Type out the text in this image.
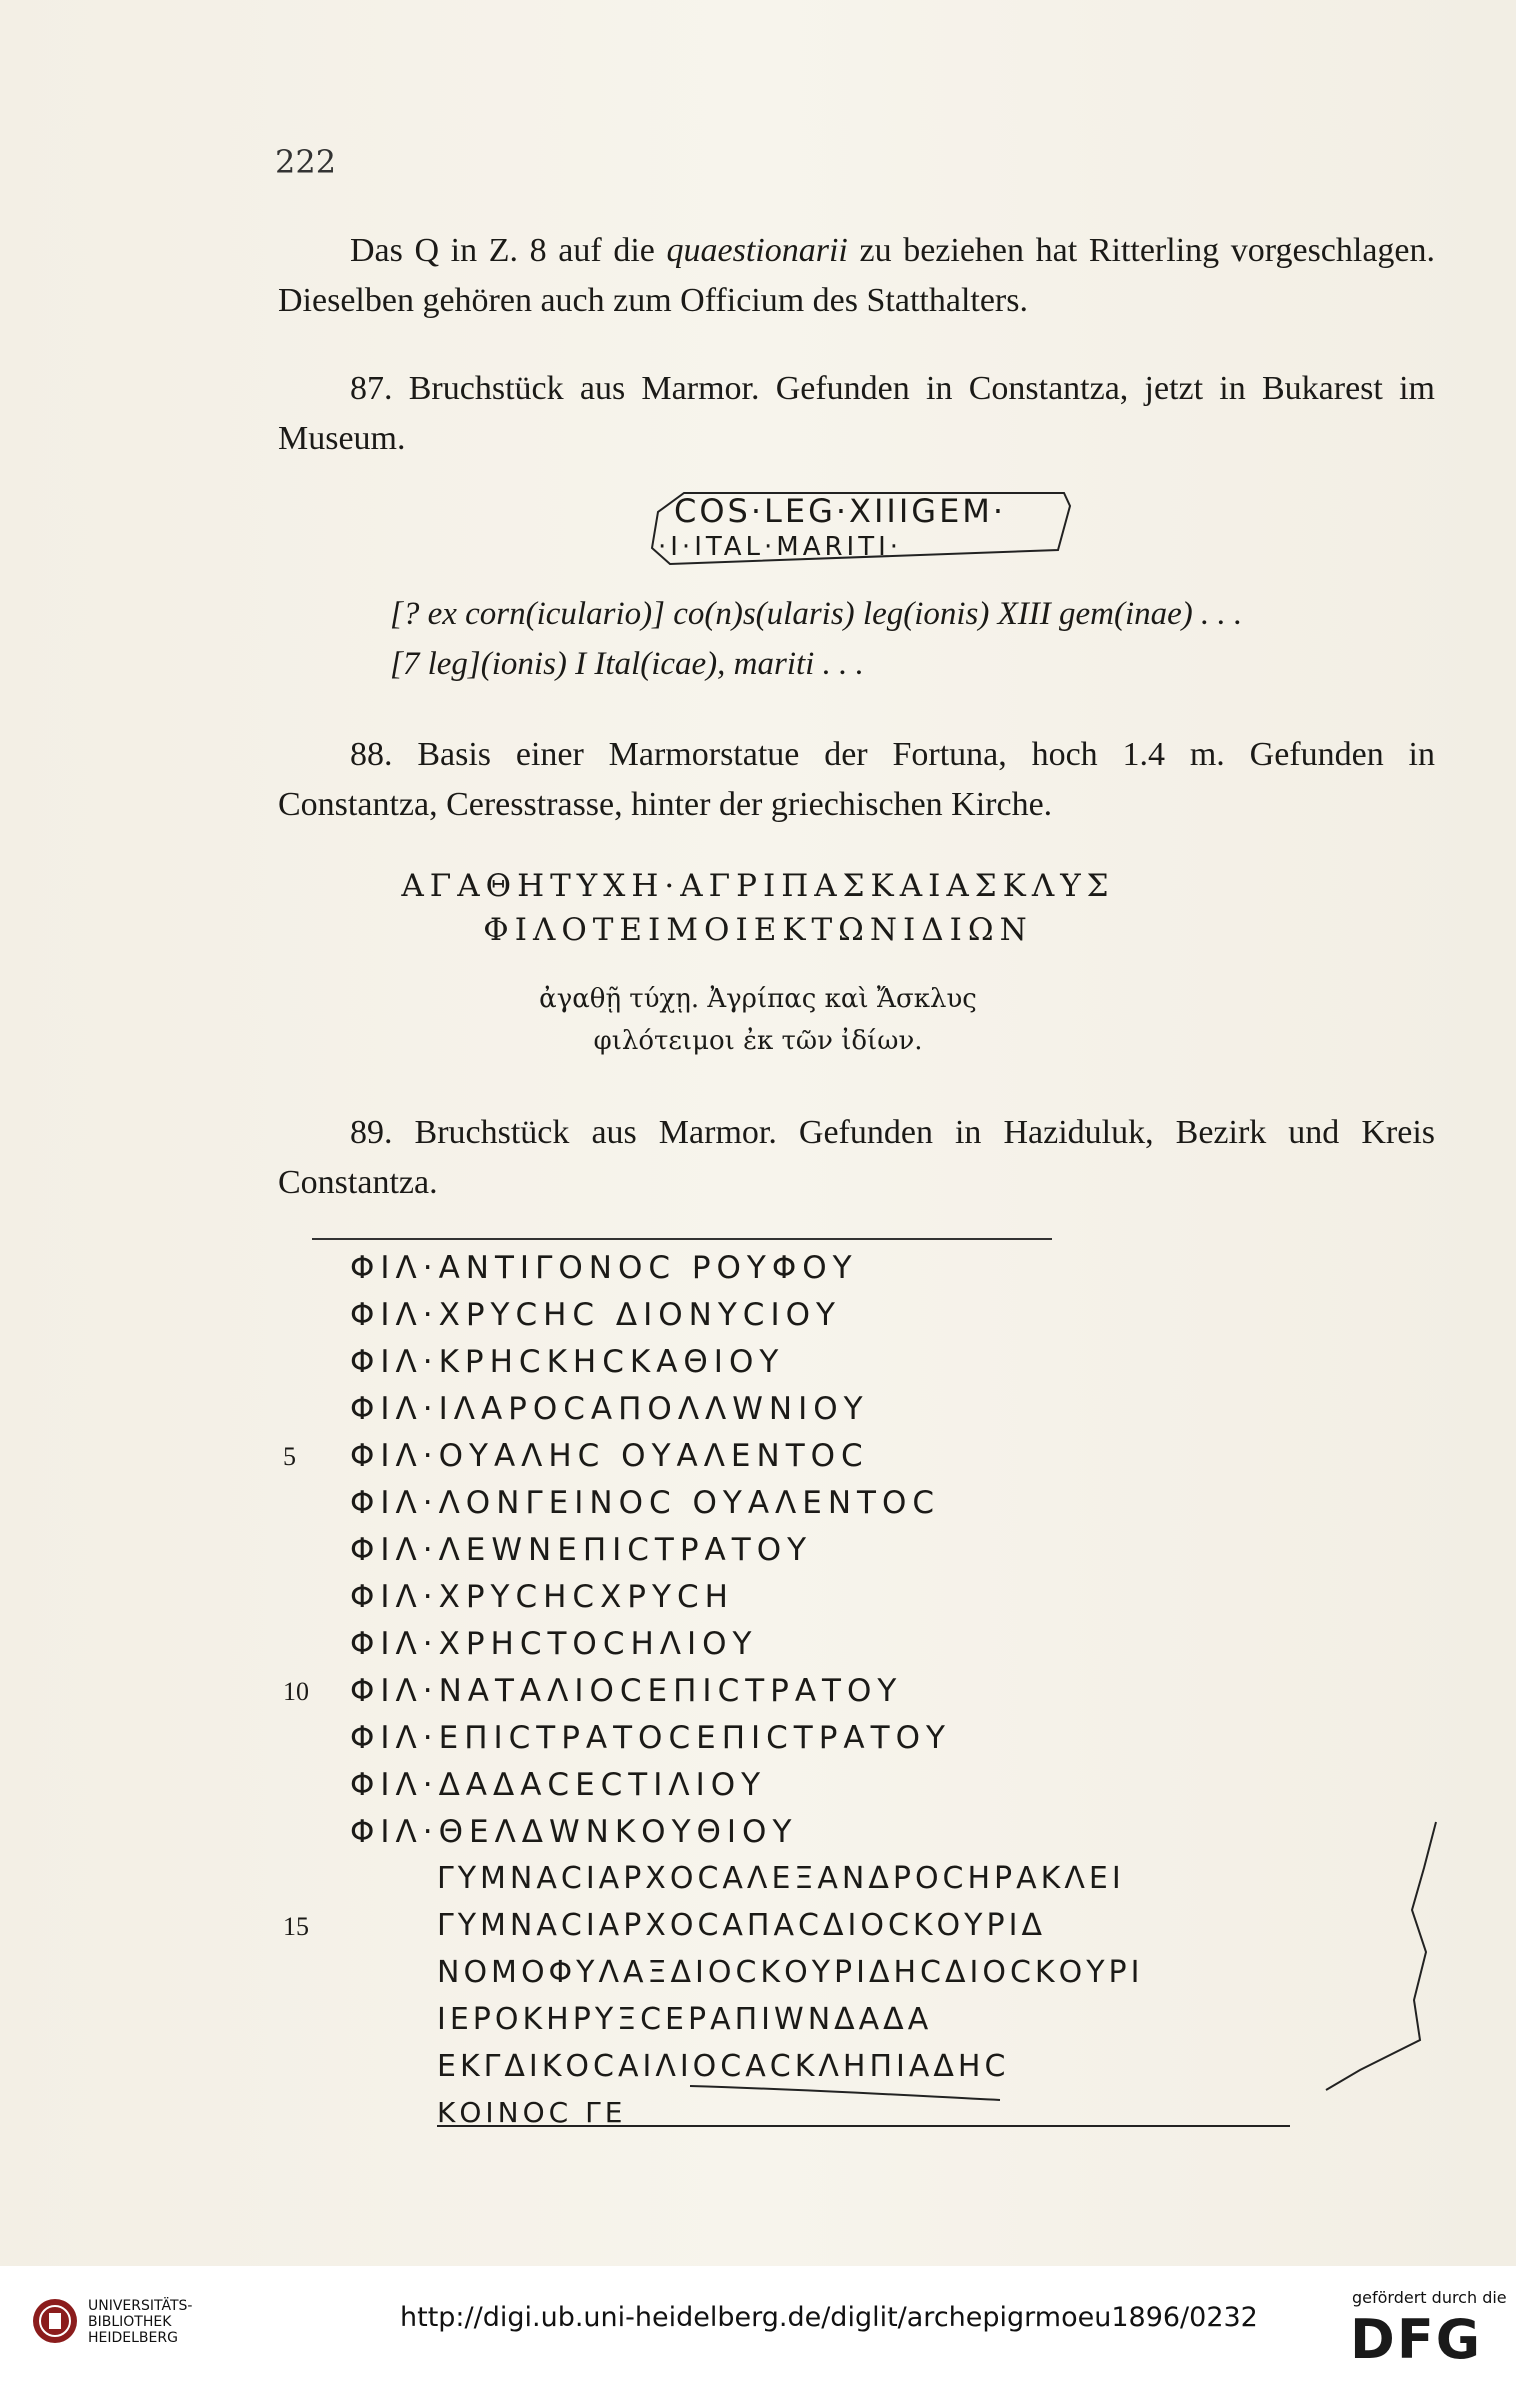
222

Das Q in Z. 8 auf die quaestionarii zu beziehen hat Ritterling vorgeschlagen. Dieselben gehören auch zum Officium des Statthalters.

87. Bruchstück aus Marmor. Gefunden in Constantza, jetzt in Bukarest im Museum.

COS·LEG·XIIIGEM·
·I·ITAL·MARITI·
[? ex corn(iculario)] co(n)s(ularis) leg(ionis) XIII gem(inae) . . .
[7 leg](ionis) I Ital(icae), mariti . . .

88. Basis einer Marmorstatue der Fortuna, hoch 1.4 m. Gefunden in Constantza, Ceresstrasse, hinter der griechischen Kirche.

ΑΓΑΘΗΤΥΧΗ·ΑΓΡΙΠΑΣΚΑΙΑΣΚΛΥΣ
ΦΙΛΟΤΕΙΜΟΙΕΚΤΩΝΙΔΙΩΝ
ἀγαθῇ τύχῃ. Ἀγρίπας καὶ Ἄσκλυς
φιλότειμοι ἐκ τῶν ἰδίων.

89. Bruchstück aus Marmor. Gefunden in Haziduluk, Bezirk und Kreis Constantza.

ΦΙΛ·ΑΝΤΙΓΟΝΟC ΡΟΥΦΟΥ
ΦΙΛ·ΧΡΥCΗC ΔΙΟΝΥCΙΟΥ
ΦΙΛ·ΚΡΗCΚΗCΚΑΘΙΟΥ
ΦΙΛ·ΙΛΑΡΟCΑΠΟΛΛWΝΙΟΥ
ΦΙΛ·ΟΥΑΛΗC ΟΥΑΛΕΝΤΟC
ΦΙΛ·ΛΟΝΓΕΙΝΟC ΟΥΑΛΕΝΤΟC
ΦΙΛ·ΛΕWΝΕΠΙCΤΡΑΤΟΥ
ΦΙΛ·ΧΡΥCΗCΧΡΥCΗ
ΦΙΛ·ΧΡΗCΤΟCΗΛΙΟΥ
ΦΙΛ·ΝΑΤΑΛΙΟCΕΠΙCΤΡΑΤΟΥ
ΦΙΛ·ΕΠΙCΤΡΑΤΟCΕΠΙCΤΡΑΤΟΥ
ΦΙΛ·ΔΑΔΑCΕCΤΙΛΙΟΥ
ΦΙΛ·ΘΕΛΔWΝΚΟΥΘΙΟΥ
ΓΥΜΝΑCΙΑΡΧΟCΑΛΕΞΑΝΔΡΟCΗΡΑΚΛΕΙ
ΓΥΜΝΑCΙΑΡΧΟCΑΠΑCΔΙΟCΚΟΥΡΙΔ
ΝΟΜΟΦΥΛΑΞΔΙΟCΚΟΥΡΙΔΗCΔΙΟCΚΟΥΡΙ
ΙΕΡΟΚΗΡΥΞCΕΡΑΠΙWΝΔΑΔΑ
ΕΚΓΔΙΚΟCΑΙΛΙΟCΑCΚΛΗΠΙΑΔΗC
ΚΟΙΝΟC ΓΕ
5
10
15
UNIVERSITÄTS-
BIBLIOTHEK
HEIDELBERG
http://digi.ub.uni-heidelberg.de/diglit/archepigrmoeu1896/0232
gefördert durch die
DFG
